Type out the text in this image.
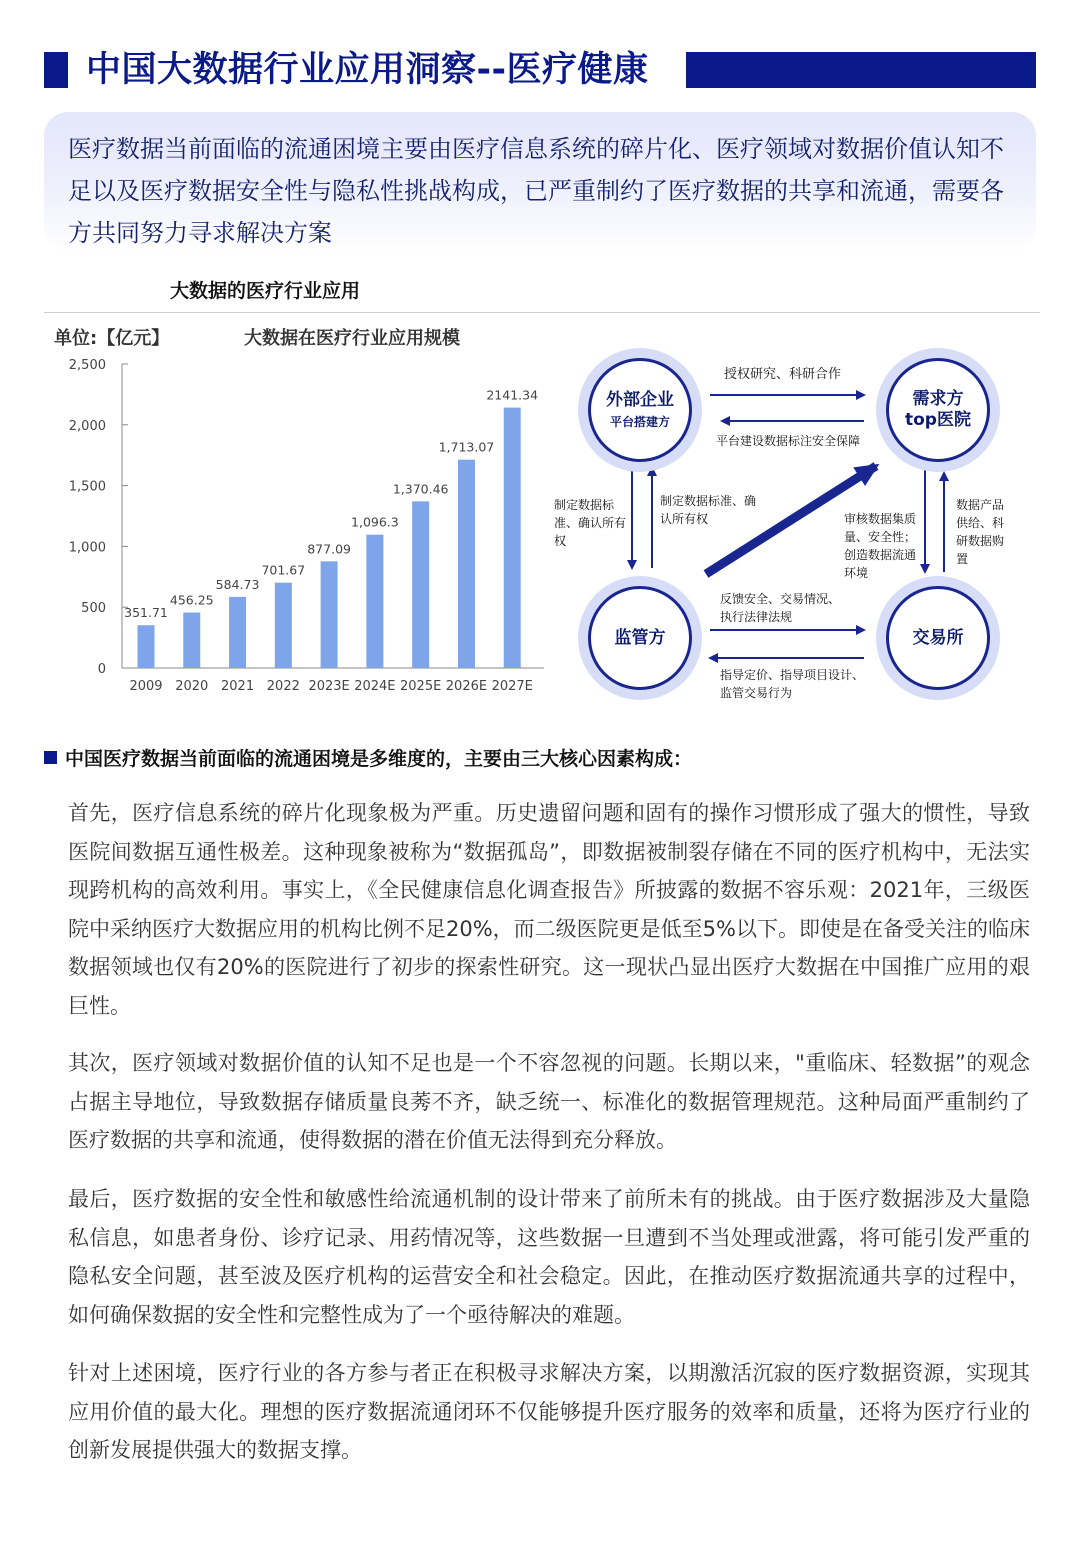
中国大数据行业应用洞察--医疗健康

医疗数据当前面临的流通困境主要由医疗信息系统的碎片化、医疗领域对数据价值认知不足以及医疗数据安全性与隐私性挑战构成，已严重制约了医疗数据的共享和流通，需要各方共同努力寻求解决方案

大数据的医疗行业应用
单位:【亿元】	大数据在医疗行业应用规模
0
500
1,000
1,500
2,000
2,500
351.71
2009
456.25
2020
584.73
2021
701.67
2022
877.09
2023E
1,096.3
2024E
1,370.46
2025E
1,713.07
2026E
2141.34
2027E
外部企业
平台搭建方
需求方
top医院
监管方	交易所
授权研究、科研合作
平台建设数据标注安全保障
制定数据标准、确认所有权
制定数据标准、确认所有权	审核数据集质量、安全性；创造数据流通环境
数据产品供给、科研数据购置
反馈安全、交易情况、执行法律法规
指导定价、指导项目设计、监管交易行为
中国医疗数据当前面临的流通困境是多维度的，主要由三大核心因素构成：

首先，医疗信息系统的碎片化现象极为严重。历史遗留问题和固有的操作习惯形成了强大的惯性，导致医院间数据互通性极差。这种现象被称为“数据孤岛”，即数据被制裂存储在不同的医疗机构中，无法实现跨机构的高效利用。事实上，《全民健康信息化调查报告》所披露的数据不容乐观：2021年，三级医院中采纳医疗大数据应用的机构比例不足20%，而二级医院更是低至5%以下。即使是在备受关注的临床数据领域也仅有20%的医院进行了初步的探索性研究。这一现状凸显出医疗大数据在中国推广应用的艰巨性。

其次，医疗领域对数据价值的认知不足也是一个不容忽视的问题。长期以来，"重临床、轻数据”的观念占据主导地位，导致数据存储质量良莠不齐，缺乏统一、标准化的数据管理规范。这种局面严重制约了医疗数据的共享和流通，使得数据的潜在价值无法得到充分释放。

最后，医疗数据的安全性和敏感性给流通机制的设计带来了前所未有的挑战。由于医疗数据涉及大量隐私信息，如患者身份、诊疗记录、用药情况等，这些数据一旦遭到不当处理或泄露，将可能引发严重的隐私安全问题，甚至波及医疗机构的运营安全和社会稳定。因此，在推动医疗数据流通共享的过程中，如何确保数据的安全性和完整性成为了一个亟待解决的难题。

针对上述困境，医疗行业的各方参与者正在积极寻求解决方案，以期激活沉寂的医疗数据资源，实现其应用价值的最大化。理想的医疗数据流通闭环不仅能够提升医疗服务的效率和质量，还将为医疗行业的创新发展提供强大的数据支撑。
